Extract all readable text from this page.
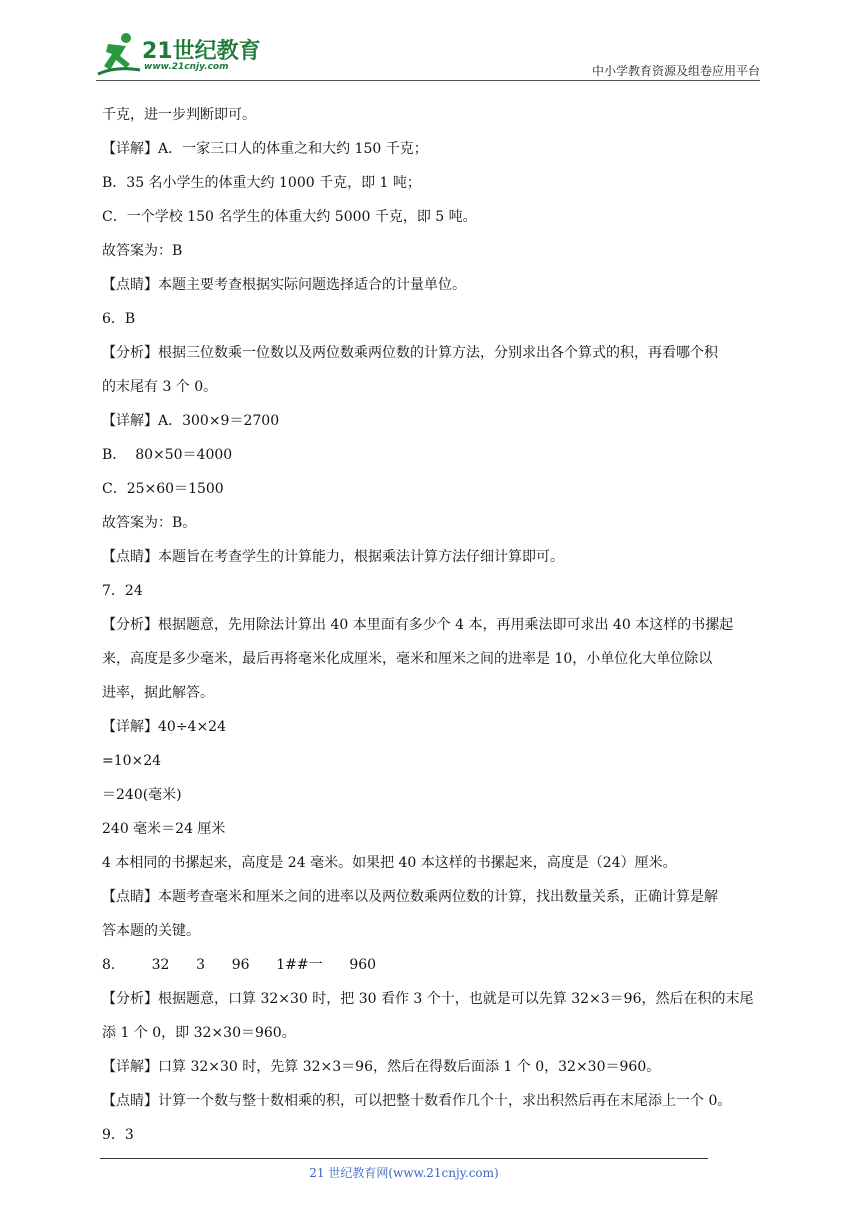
21世纪教育
www.21cnjy.com	中小学教育资源及组卷应用平台
千克，进一步判断即可。
【详解】A．一家三口人的体重之和大约 150 千克；
B．35 名小学生的体重大约 1000 千克，即 1 吨；
C．一个学校 150 名学生的体重大约 5000 千克，即 5 吨。
故答案为：B
【点睛】本题主要考查根据实际问题选择适合的计量单位。
6．B
【分析】根据三位数乘一位数以及两位数乘两位数的计算方法，分别求出各个算式的积，再看哪个积
的末尾有 3 个 0。
【详解】A．300×9＝2700
B．  80×50＝4000
C．25×60＝1500
故答案为：B。
【点睛】本题旨在考查学生的计算能力，根据乘法计算方法仔细计算即可。
7．24
【分析】根据题意，先用除法计算出 40 本里面有多少个 4 本，再用乘法即可求出 40 本这样的书摞起
来，高度是多少毫米，最后再将毫米化成厘米，毫米和厘米之间的进率是 10，小单位化大单位除以
进率，据此解答。
【详解】40÷4×24
=10×24
＝240(毫米)
240 毫米＝24 厘米
4 本相同的书摞起来，高度是 24 毫米。如果把 40 本这样的书摞起来，高度是（24）厘米。
【点睛】本题考查毫米和厘米之间的进率以及两位数乘两位数的计算，找出数量关系，正确计算是解
答本题的关键。
8．      32      3      96      1##一      960
【分析】根据题意，口算 32×30 时，把 30 看作 3 个十，也就是可以先算 32×3＝96，然后在积的末尾
添 1 个 0，即 32×30＝960。
【详解】口算 32×30 时，先算 32×3＝96，然后在得数后面添 1 个 0，32×30＝960。
【点睛】计算一个数与整十数相乘的积，可以把整十数看作几个十，求出积然后再在末尾添上一个 0。
9．3
21 世纪教育网(www.21cnjy.com)
